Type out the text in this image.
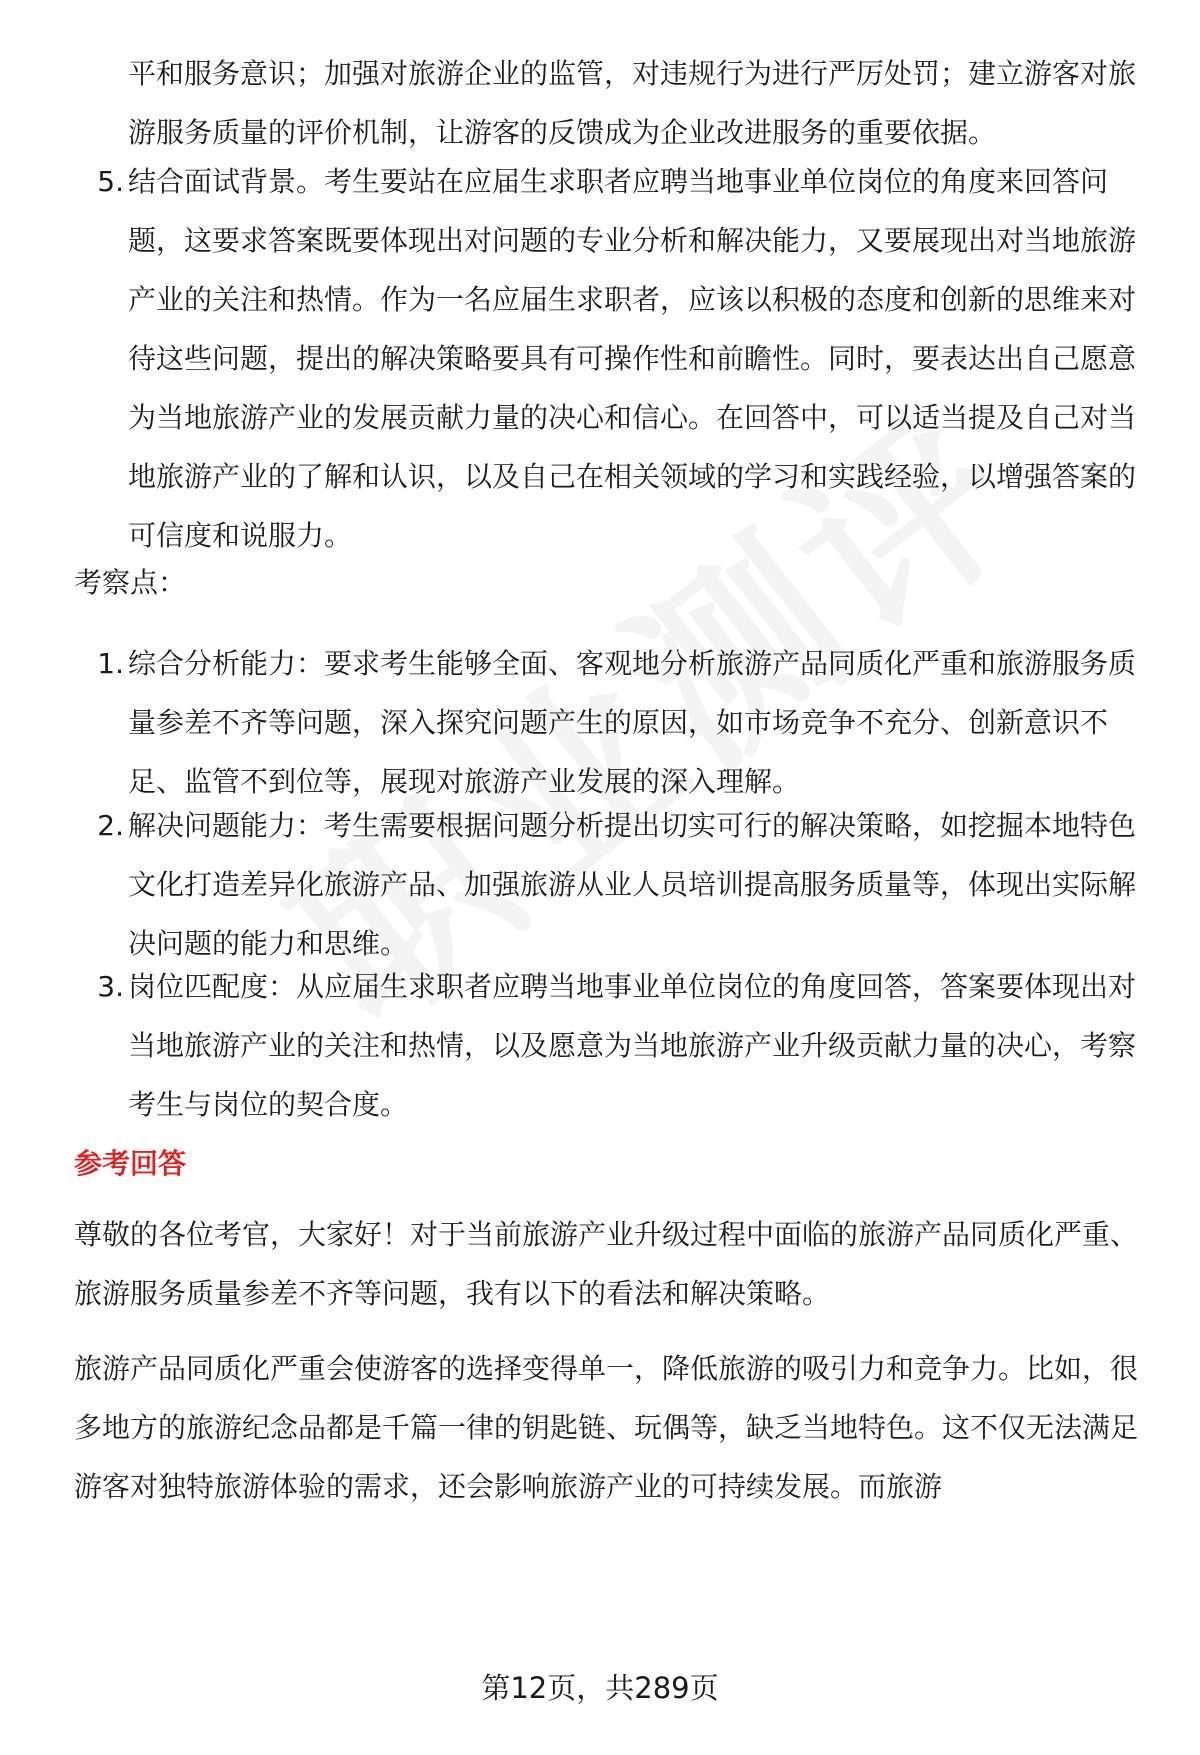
平和服务意识；加强对旅游企业的监管，对违规行为进行严厉处罚；建立游客对旅游服务质量的评价机制，让游客的反馈成为企业改进服务的重要依据。
5. 结合面试背景。考生要站在应届生求职者应聘当地事业单位岗位的角度来回答问题，这要求答案既要体现出对问题的专业分析和解决能力，又要展现出对当地旅游产业的关注和热情。作为一名应届生求职者，应该以积极的态度和创新的思维来对待这些问题，提出的解决策略要具有可操作性和前瞻性。同时，要表达出自己愿意为当地旅游产业的发展贡献力量的决心和信心。在回答中，可以适当提及自己对当地旅游产业的了解和认识，以及自己在相关领域的学习和实践经验，以增强答案的可信度和说服力。
考察点：
1. 综合分析能力：要求考生能够全面、客观地分析旅游产品同质化严重和旅游服务质量参差不齐等问题，深入探究问题产生的原因，如市场竞争不充分、创新意识不足、监管不到位等，展现对旅游产业发展的深入理解。
2. 解决问题能力：考生需要根据问题分析提出切实可行的解决策略，如挖掘本地特色文化打造差异化旅游产品、加强旅游从业人员培训提高服务质量等，体现出实际解决问题的能力和思维。
3. 岗位匹配度：从应届生求职者应聘当地事业单位岗位的角度回答，答案要体现出对当地旅游产业的关注和热情，以及愿意为当地旅游产业升级贡献力量的决心，考察考生与岗位的契合度。
参考回答
尊敬的各位考官，大家好！对于当前旅游产业升级过程中面临的旅游产品同质化严重、旅游服务质量参差不齐等问题，我有以下的看法和解决策略。
旅游产品同质化严重会使游客的选择变得单一，降低旅游的吸引力和竞争力。比如，很多地方的旅游纪念品都是千篇一律的钥匙链、玩偶等，缺乏当地特色。这不仅无法满足游客对独特旅游体验的需求，还会影响旅游产业的可持续发展。而旅游
第12页，共289页
